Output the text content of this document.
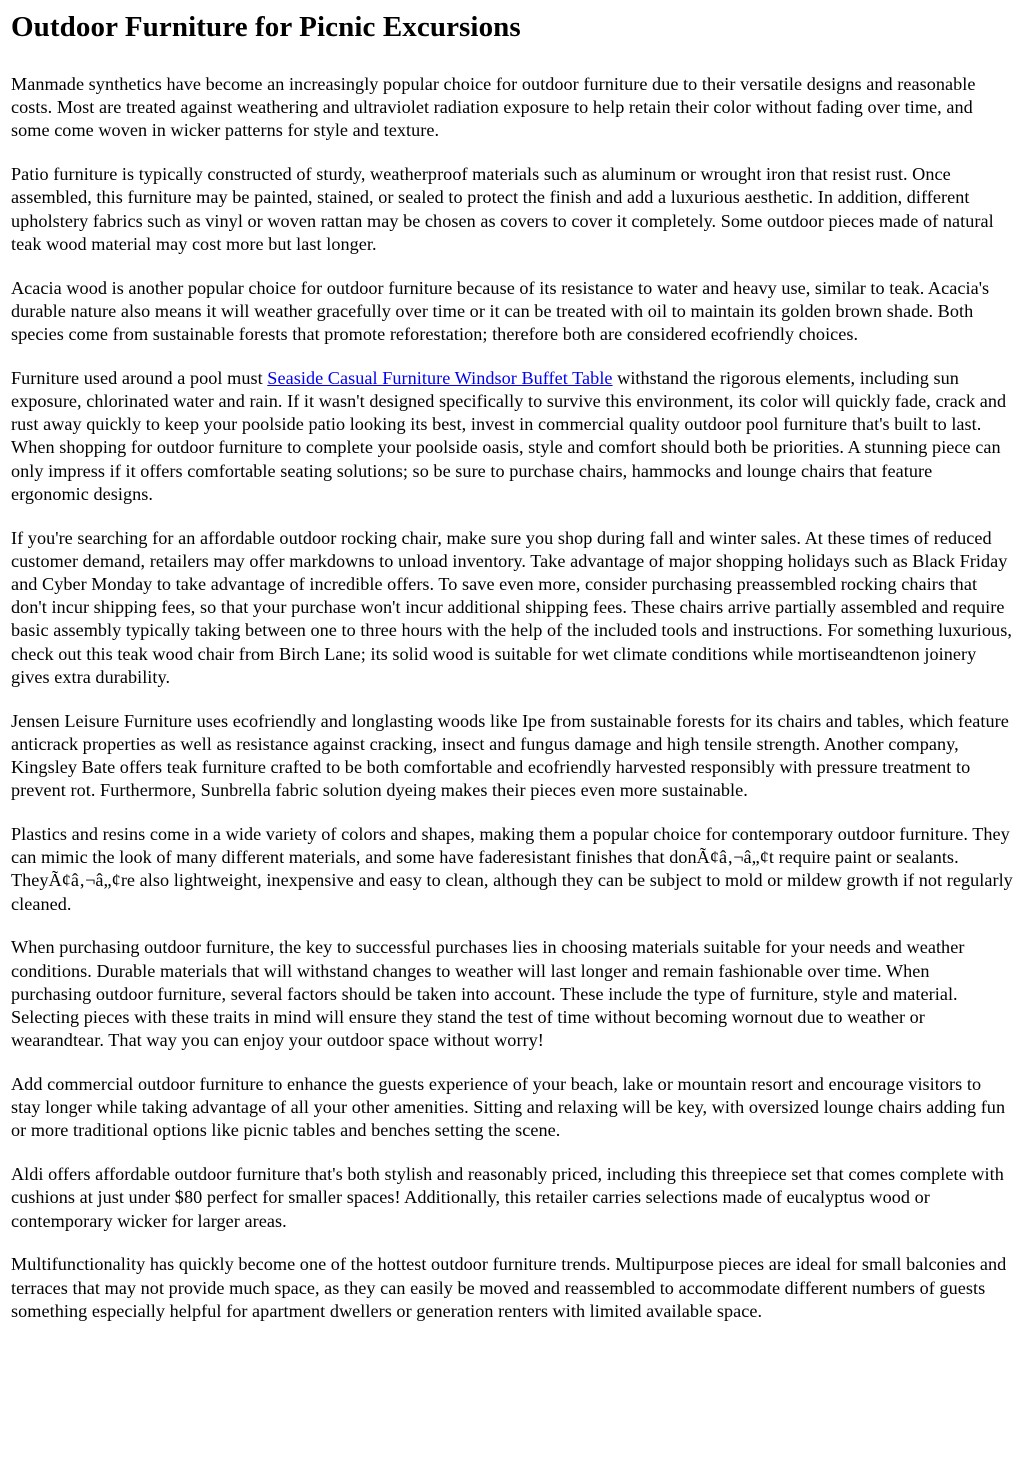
Outdoor Furniture for Picnic Excursions

Manmade synthetics have become an increasingly popular choice for outdoor furniture due to their versatile designs and reasonable costs. Most are treated against weathering and ultraviolet radiation exposure to help retain their color without fading over time, and some come woven in wicker patterns for style and texture.

Patio furniture is typically constructed of sturdy, weatherproof materials such as aluminum or wrought iron that resist rust. Once assembled, this furniture may be painted, stained, or sealed to protect the finish and add a luxurious aesthetic. In addition, different upholstery fabrics such as vinyl or woven rattan may be chosen as covers to cover it completely. Some outdoor pieces made of natural teak wood material may cost more but last longer.

Acacia wood is another popular choice for outdoor furniture because of its resistance to water and heavy use, similar to teak. Acacia's durable nature also means it will weather gracefully over time or it can be treated with oil to maintain its golden brown shade. Both species come from sustainable forests that promote reforestation; therefore both are considered ecofriendly choices.

Furniture used around a pool must Seaside Casual Furniture Windsor Buffet Table withstand the rigorous elements, including sun exposure, chlorinated water and rain. If it wasn't designed specifically to survive this environment, its color will quickly fade, crack and rust away quickly to keep your poolside patio looking its best, invest in commercial quality outdoor pool furniture that's built to last. When shopping for outdoor furniture to complete your poolside oasis, style and comfort should both be priorities. A stunning piece can only impress if it offers comfortable seating solutions; so be sure to purchase chairs, hammocks and lounge chairs that feature ergonomic designs.

If you're searching for an affordable outdoor rocking chair, make sure you shop during fall and winter sales. At these times of reduced customer demand, retailers may offer markdowns to unload inventory. Take advantage of major shopping holidays such as Black Friday and Cyber Monday to take advantage of incredible offers. To save even more, consider purchasing preassembled rocking chairs that don't incur shipping fees, so that your purchase won't incur additional shipping fees. These chairs arrive partially assembled and require basic assembly typically taking between one to three hours with the help of the included tools and instructions. For something luxurious, check out this teak wood chair from Birch Lane; its solid wood is suitable for wet climate conditions while mortiseandtenon joinery gives extra durability.

Jensen Leisure Furniture uses ecofriendly and longlasting woods like Ipe from sustainable forests for its chairs and tables, which feature anticrack properties as well as resistance against cracking, insect and fungus damage and high tensile strength. Another company, Kingsley Bate offers teak furniture crafted to be both comfortable and ecofriendly harvested responsibly with pressure treatment to prevent rot. Furthermore, Sunbrella fabric solution dyeing makes their pieces even more sustainable.

Plastics and resins come in a wide variety of colors and shapes, making them a popular choice for contemporary outdoor furniture. They can mimic the look of many different materials, and some have faderesistant finishes that donÃ¢â‚¬â„¢t require paint or sealants. TheyÃ¢â‚¬â„¢re also lightweight, inexpensive and easy to clean, although they can be subject to mold or mildew growth if not regularly cleaned.

When purchasing outdoor furniture, the key to successful purchases lies in choosing materials suitable for your needs and weather conditions. Durable materials that will withstand changes to weather will last longer and remain fashionable over time. When purchasing outdoor furniture, several factors should be taken into account. These include the type of furniture, style and material. Selecting pieces with these traits in mind will ensure they stand the test of time without becoming wornout due to weather or wearandtear. That way you can enjoy your outdoor space without worry!

Add commercial outdoor furniture to enhance the guests experience of your beach, lake or mountain resort and encourage visitors to stay longer while taking advantage of all your other amenities. Sitting and relaxing will be key, with oversized lounge chairs adding fun or more traditional options like picnic tables and benches setting the scene.

Aldi offers affordable outdoor furniture that's both stylish and reasonably priced, including this threepiece set that comes complete with cushions at just under $80 perfect for smaller spaces! Additionally, this retailer carries selections made of eucalyptus wood or contemporary wicker for larger areas.

Multifunctionality has quickly become one of the hottest outdoor furniture trends. Multipurpose pieces are ideal for small balconies and terraces that may not provide much space, as they can easily be moved and reassembled to accommodate different numbers of guests something especially helpful for apartment dwellers or generation renters with limited available space.
